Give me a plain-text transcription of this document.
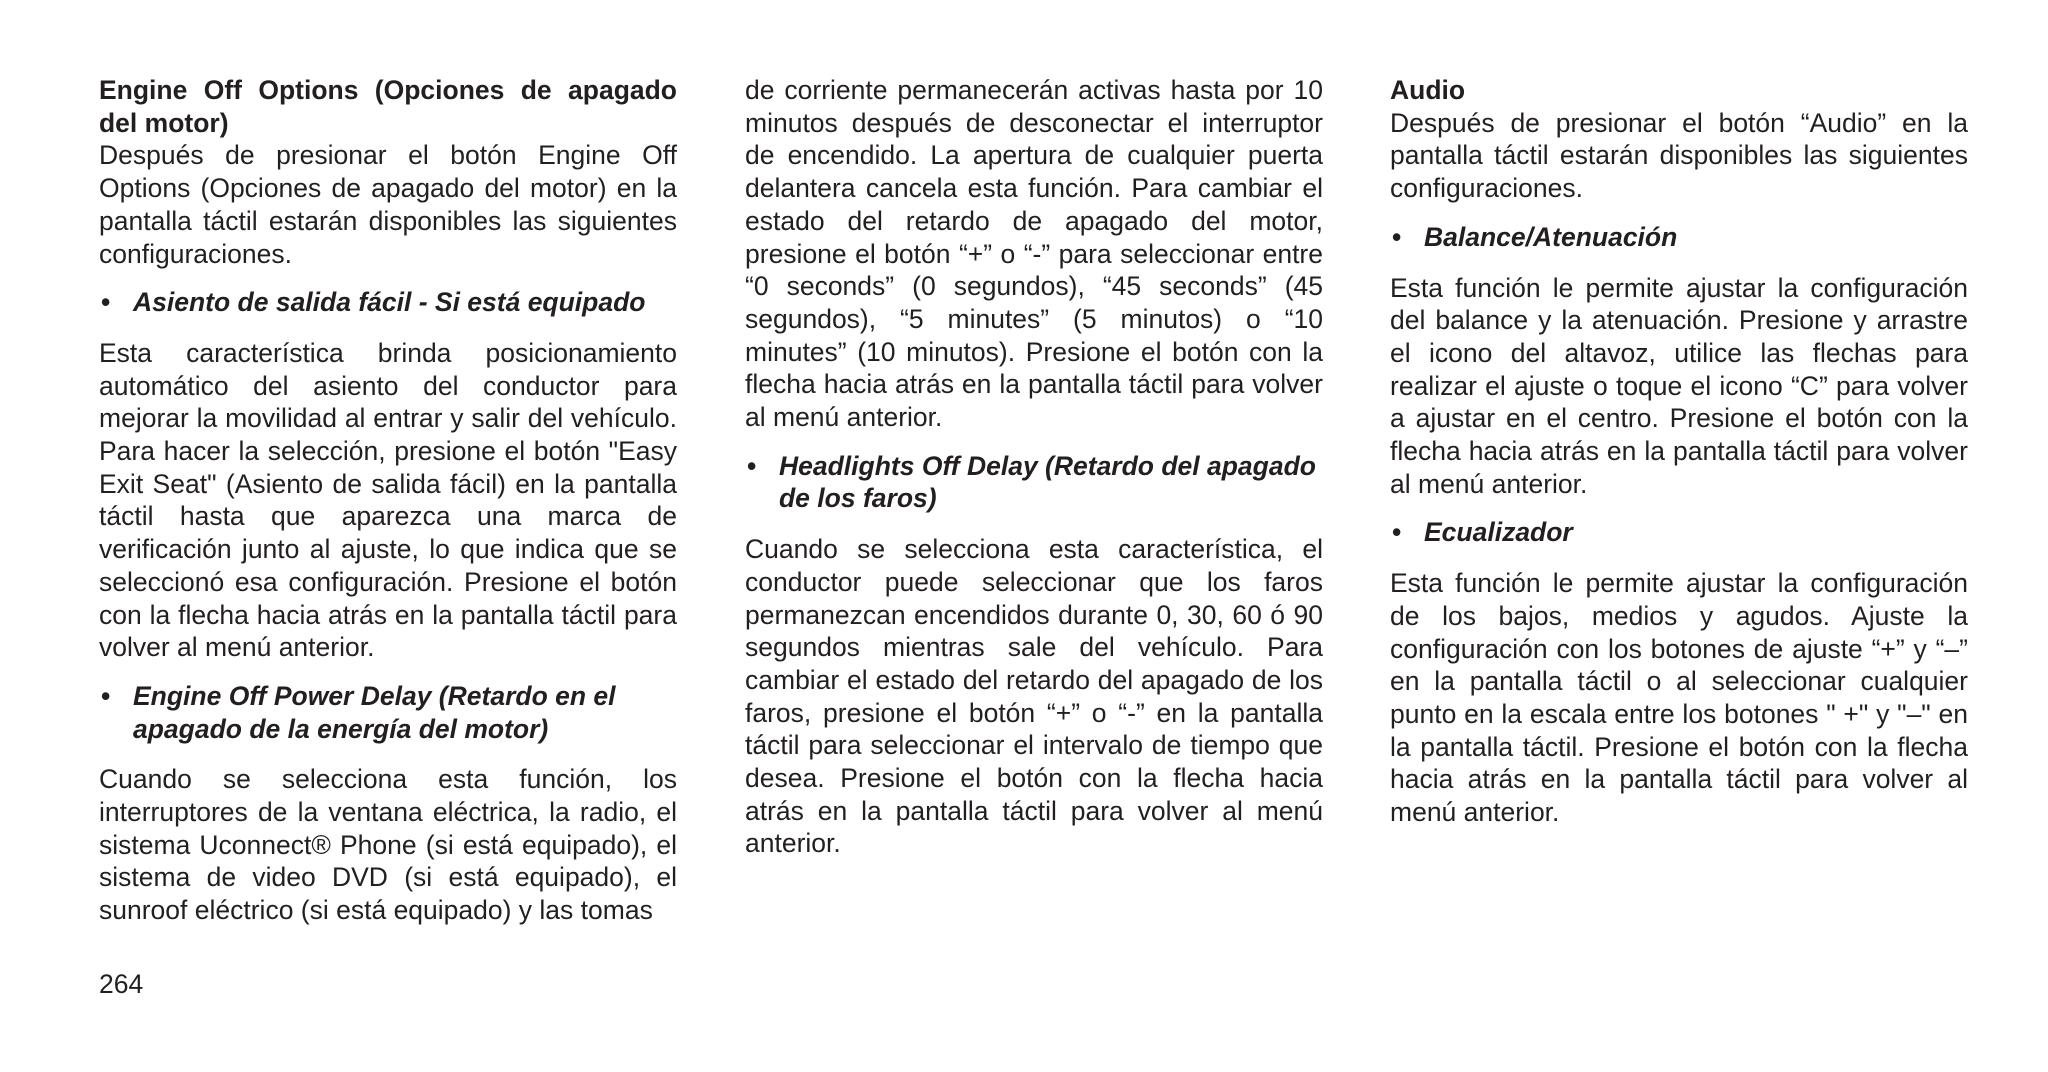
Engine Off Options (Opciones de apagado del motor)

Después de presionar el botón Engine Off Options (Opciones de apagado del motor) en la pantalla táctil estarán disponibles las siguientes configuraciones.

• Asiento de salida fácil - Si está equipado

Esta característica brinda posicionamiento automático del asiento del conductor para mejorar la movilidad al entrar y salir del vehículo. Para hacer la selección, presione el botón "Easy Exit Seat" (Asiento de salida fácil) en la pantalla táctil hasta que aparezca una marca de verificación junto al ajuste, lo que indica que se seleccionó esa configuración. Presione el botón con la flecha hacia atrás en la pantalla táctil para volver al menú anterior.

• Engine Off Power Delay (Retardo en el apagado de la energía del motor)

Cuando se selecciona esta función, los interruptores de la ventana eléctrica, la radio, el sistema Uconnect® Phone (si está equipado), el sistema de video DVD (si está equipado), el sunroof eléctrico (si está equipado) y las tomas

de corriente permanecerán activas hasta por 10 minutos después de desconectar el interruptor de encendido. La apertura de cualquier puerta delantera cancela esta función. Para cambiar el estado del retardo de apagado del motor, presione el botón “+” o “-” para seleccionar entre “0 seconds” (0 segundos), “45 seconds” (45 segundos), “5 minutes” (5 minutos) o “10 minutes” (10 minutos). Presione el botón con la flecha hacia atrás en la pantalla táctil para volver al menú anterior.

• Headlights Off Delay (Retardo del apagado de los faros)

Cuando se selecciona esta característica, el conductor puede seleccionar que los faros permanezcan encendidos durante 0, 30, 60 ó 90 segundos mientras sale del vehículo. Para cambiar el estado del retardo del apagado de los faros, presione el botón “+” o “-” en la pantalla táctil para seleccionar el intervalo de tiempo que desea. Presione el botón con la flecha hacia atrás en la pantalla táctil para volver al menú anterior.

Audio

Después de presionar el botón “Audio” en la pantalla táctil estarán disponibles las siguientes configuraciones.

• Balance/Atenuación

Esta función le permite ajustar la configuración del balance y la atenuación. Presione y arrastre el icono del altavoz, utilice las flechas para realizar el ajuste o toque el icono “C” para volver a ajustar en el centro. Presione el botón con la flecha hacia atrás en la pantalla táctil para volver al menú anterior.

• Ecualizador

Esta función le permite ajustar la configuración de los bajos, medios y agudos. Ajuste la configuración con los botones de ajuste “+” y “–” en la pantalla táctil o al seleccionar cualquier punto en la escala entre los botones " +" y "–" en la pantalla táctil. Presione el botón con la flecha hacia atrás en la pantalla táctil para volver al menú anterior.

264
